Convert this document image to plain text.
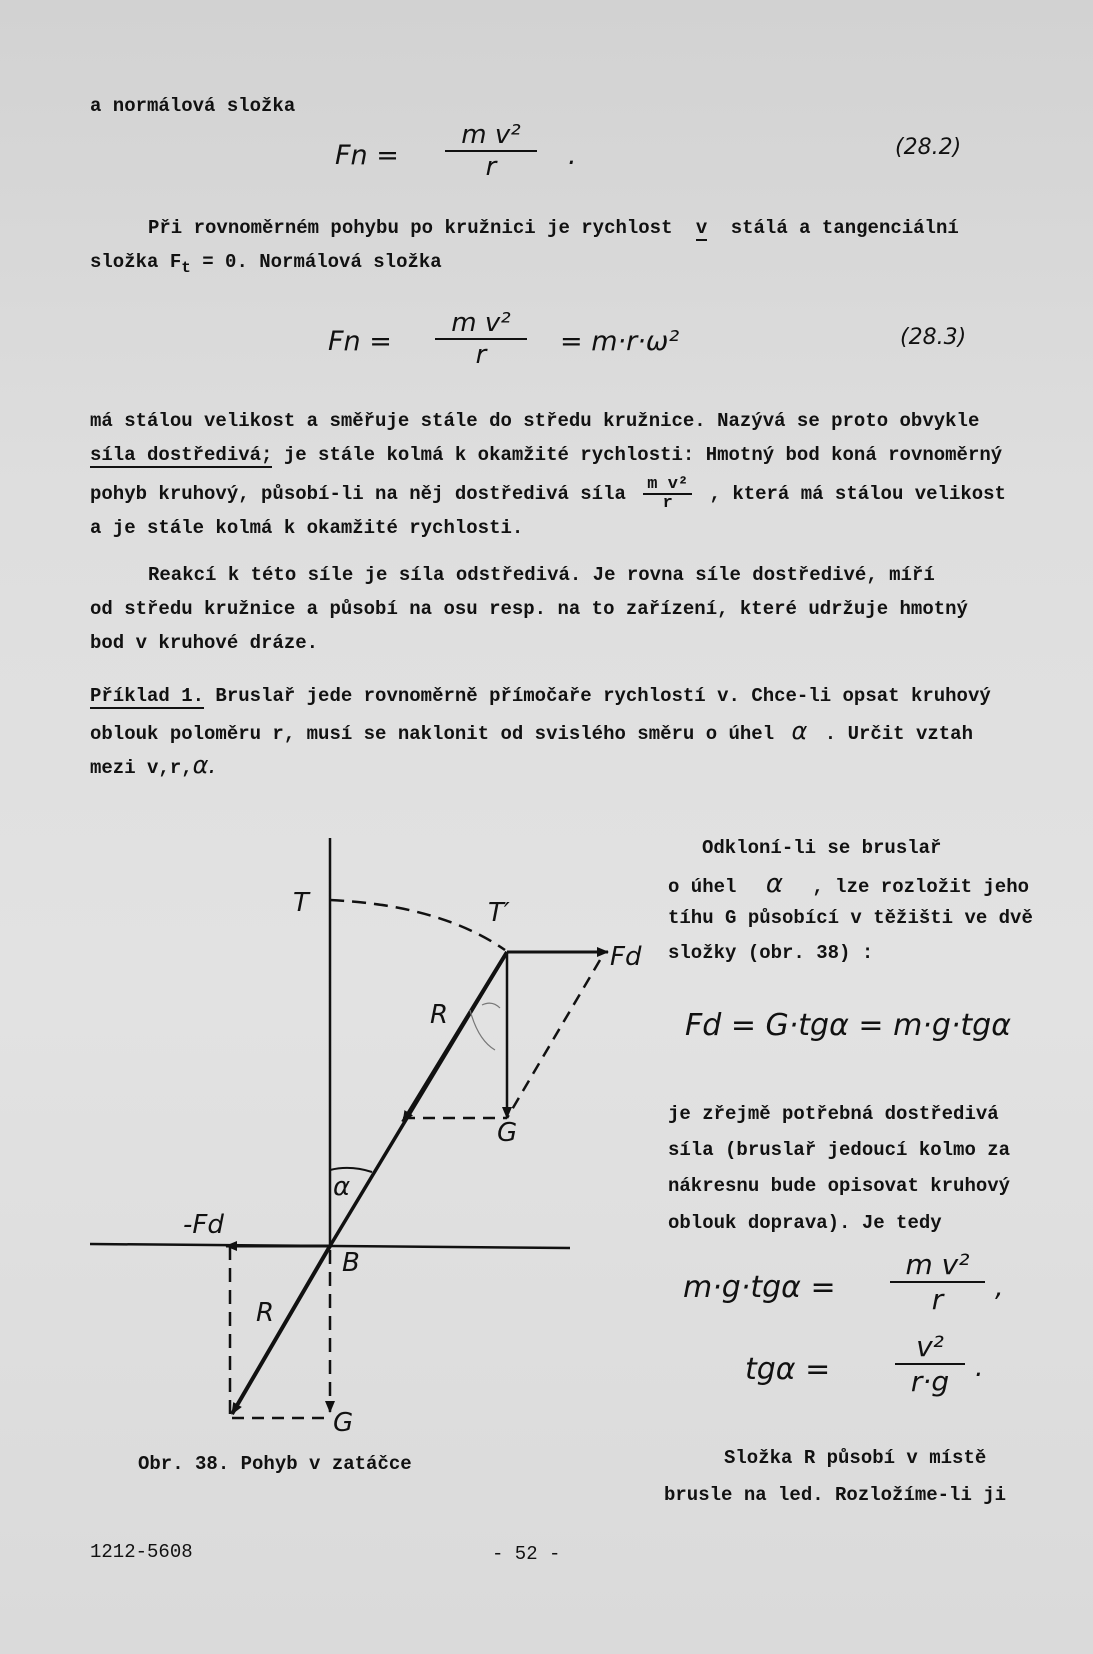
a normálová složka
$Fn = \frac{\text{m v²}}{r}$ .	(28.2)
Při rovnoměrném pohybu po kružnici je rychlost v stálá a tangenciální
složka $F_t = 0$. Normálová složka
$Fn = \frac{\text{m v²}}{r} = m\cdot r\cdot\omega^2$	(28.3)
má stálou velikost a směřuje stále do středu kružnice. Nazývá se proto obvykle
síla dostředivá; je stále kolmá k okamžité rychlosti: Hmotný bod koná rovnoměrný
pohyb kruhový, působí-li na něj dostředivá síla $\frac{\text{m v²}}{r}$ , která má stálou velikost
a je stále kolmá k okamžité rychlosti.
Reakcí k této síle je síla odstředivá. Je rovna síle dostředivé, míří
od středu kružnice a působí na osu resp. na to zařízení, které udržuje hmotný
bod v kruhové dráze.
Příklad 1. Bruslař jede rovnoměrně přímočaře rychlostí v. Chce-li opsat kruhový
oblouk poloměru r, musí se naklonit od svislého směru o úhel α . Určit vztah
mezi v,r,α.
Odkloní-li se bruslař
o úhel α , lze rozložit jeho
tíhu G působící v těžišti ve dvě
složky (obr. 38) :
Fd = G·tgα = m·g·tgα
je zřejmě potřebná dostředivá
síla (bruslař jedoucí kolmo za
nákresnu bude opisovat kruhový
oblouk doprava). Je tedy
$m\cdot g\cdot tg\alpha = \frac{\text{m v²}}{r}$ ,
$tg\alpha = \frac{\text{v²}}{r\cdot g}$ .
Složka R působí v místě
brusle na led. Rozložíme-li ji
T	T′
Fd
R
G
α
-Fd
B
R
G
Obr. 38. Pohyb v zatáčce
1212-5608	- 52 -
